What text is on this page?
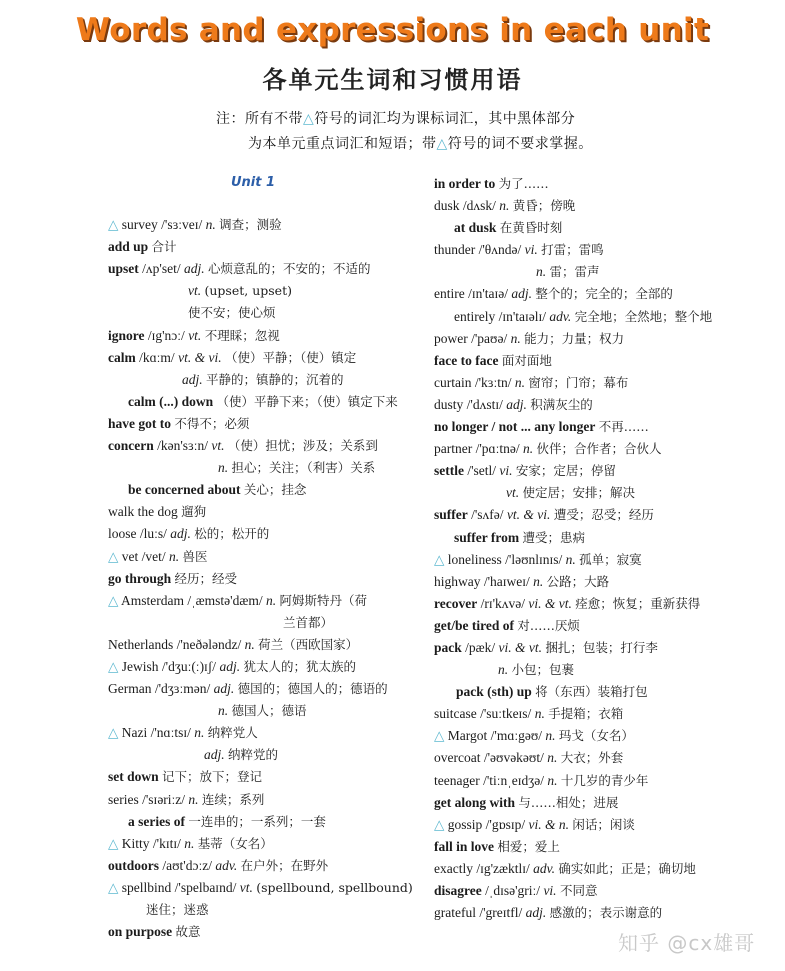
Words and expressions in each unit
各单元生词和习惯用语
注：所有不带△符号的词汇均为课标词汇，其中黑体部分
为本单元重点词汇和短语；带△符号的词不要求掌握。
Unit 1
△ survey /'sɜːveɪ/ n. 调查；测验
add up 合计
upset /ʌp'set/ adj. 心烦意乱的；不安的；不适的
vt. (upset, upset)
使不安；使心烦
ignore /ɪg'nɔː/ vt. 不理睬；忽视
calm /kɑːm/ vt. & vi. （使）平静；（使）镇定
adj. 平静的；镇静的；沉着的
calm (...) down （使）平静下来；（使）镇定下来
have got to 不得不；必须
concern /kən'sɜːn/ vt. （使）担忧；涉及；关系到
n. 担心；关注；（利害）关系
be concerned about 关心；挂念
walk the dog 遛狗
loose /luːs/ adj. 松的；松开的
△ vet /vet/ n. 兽医
go through 经历；经受
△ Amsterdam /ˌæmstə'dæm/ n. 阿姆斯特丹（荷
兰首都）
Netherlands /'neðələndz/ n. 荷兰（西欧国家）
△ Jewish /'dʒuː(ː)ɪʃ/ adj. 犹太人的；犹太族的
German /'dʒɜːmən/ adj. 德国的；德国人的；德语的
n. 德国人；德语
△ Nazi /'nɑːtsɪ/ n. 纳粹党人
adj. 纳粹党的
set down 记下；放下；登记
series /'sɪəriːz/ n. 连续；系列
a series of 一连串的；一系列；一套
△ Kitty /'kɪtɪ/ n. 基蒂（女名）
outdoors /aʊt'dɔːz/ adv. 在户外；在野外
△ spellbind /'spelbaɪnd/ vt. (spellbound, spellbound)
迷住；迷惑
on purpose 故意
in order to 为了……
dusk /dʌsk/ n. 黄昏；傍晚
at dusk 在黄昏时刻
thunder /'θʌndə/ vi. 打雷；雷鸣
n. 雷；雷声
entire /ɪn'taɪə/ adj. 整个的；完全的；全部的
entirely /ɪn'taɪəlɪ/ adv. 完全地；全然地；整个地
power /'paʊə/ n. 能力；力量；权力
face to face 面对面地
curtain /'kɜːtn/ n. 窗帘；门帘；幕布
dusty /'dʌstɪ/ adj. 积满灰尘的
no longer / not ... any longer 不再……
partner /'pɑːtnə/ n. 伙伴；合作者；合伙人
settle /'setl/ vi. 安家；定居；停留
vt. 使定居；安排；解决
suffer /'sʌfə/ vt. & vi. 遭受；忍受；经历
suffer from 遭受；患病
△ loneliness /'ləʊnlɪnɪs/ n. 孤单；寂寞
highway /'haɪweɪ/ n. 公路；大路
recover /rɪ'kʌvə/ vi. & vt. 痊愈；恢复；重新获得
get/be tired of 对……厌烦
pack /pæk/ vi. & vt. 捆扎；包装；打行李
n. 小包；包裹
pack (sth) up 将（东西）装箱打包
suitcase /'suːtkeɪs/ n. 手提箱；衣箱
△ Margot /'mɑːgəʊ/ n. 玛戈（女名）
overcoat /'əʊvəkəʊt/ n. 大衣；外套
teenager /'tiːnˌeɪdʒə/ n. 十几岁的青少年
get along with 与……相处；进展
△ gossip /'gɒsɪp/ vi. & n. 闲话；闲谈
fall in love 相爱；爱上
exactly /ɪg'zæktlɪ/ adv. 确实如此；正是；确切地
disagree /ˌdɪsə'griː/ vi. 不同意
grateful /'greɪtfl/ adj. 感激的；表示谢意的
知乎 @cx雄哥
